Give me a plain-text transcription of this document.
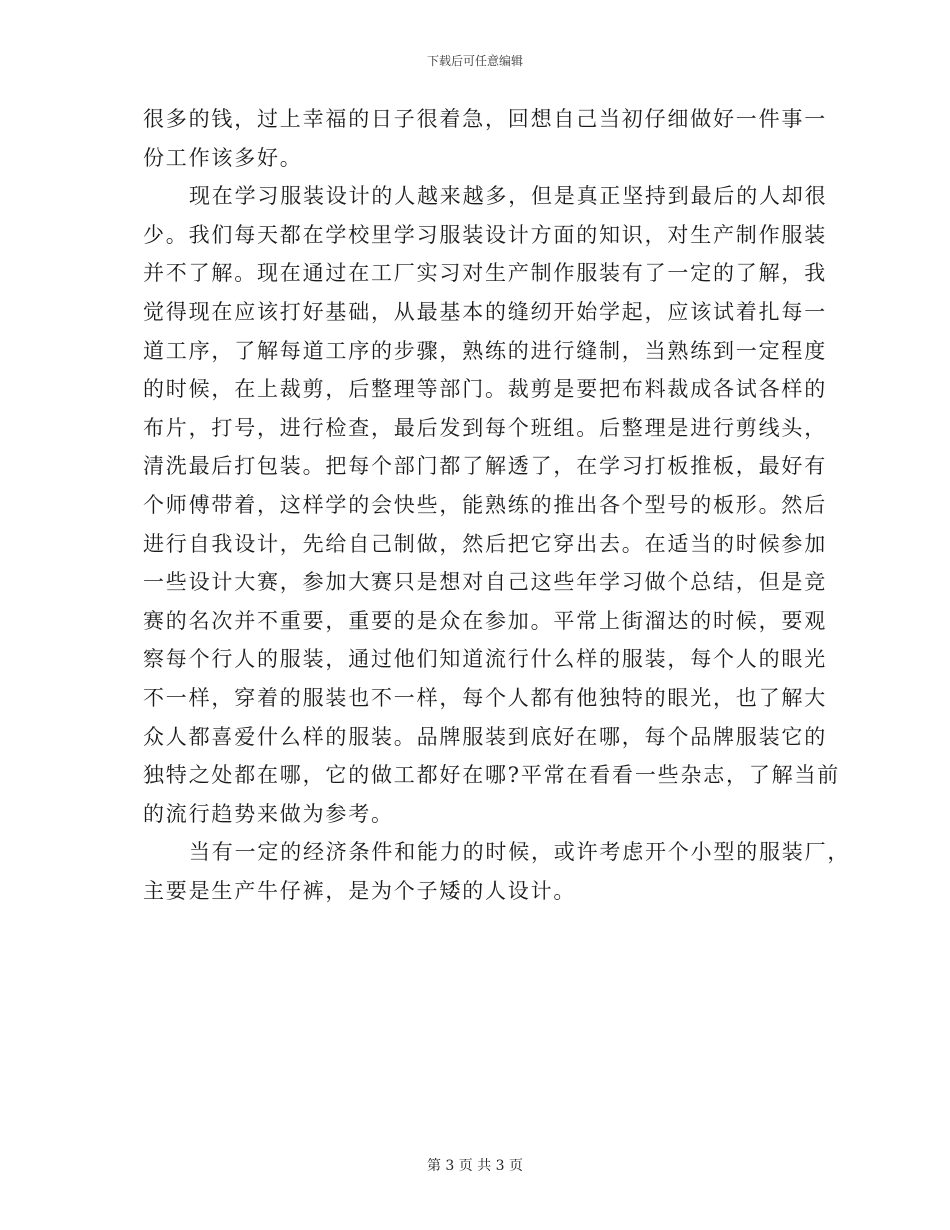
下载后可任意编辑
很多的钱，过上幸福的日子很着急，回想自己当初仔细做好一件事一
份工作该多好。
现在学习服装设计的人越来越多，但是真正坚持到最后的人却很
少。我们每天都在学校里学习服装设计方面的知识，对生产制作服装
并不了解。现在通过在工厂实习对生产制作服装有了一定的了解，我
觉得现在应该打好基础，从最基本的缝纫开始学起，应该试着扎每一
道工序，了解每道工序的步骤，熟练的进行缝制，当熟练到一定程度
的时候，在上裁剪，后整理等部门。裁剪是要把布料裁成各试各样的
布片，打号，进行检查，最后发到每个班组。后整理是进行剪线头，
清洗最后打包装。把每个部门都了解透了，在学习打板推板，最好有
个师傅带着，这样学的会快些，能熟练的推出各个型号的板形。然后
进行自我设计，先给自己制做，然后把它穿出去。在适当的时候参加
一些设计大赛，参加大赛只是想对自己这些年学习做个总结，但是竞
赛的名次并不重要，重要的是众在参加。平常上街溜达的时候，要观
察每个行人的服装，通过他们知道流行什么样的服装，每个人的眼光
不一样，穿着的服装也不一样，每个人都有他独特的眼光，也了解大
众人都喜爱什么样的服装。品牌服装到底好在哪，每个品牌服装它的
独特之处都在哪，它的做工都好在哪?平常在看看一些杂志，了解当前
的流行趋势来做为参考。
当有一定的经济条件和能力的时候，或许考虑开个小型的服装厂，
主要是生产牛仔裤，是为个子矮的人设计。
第 3 页 共 3 页
